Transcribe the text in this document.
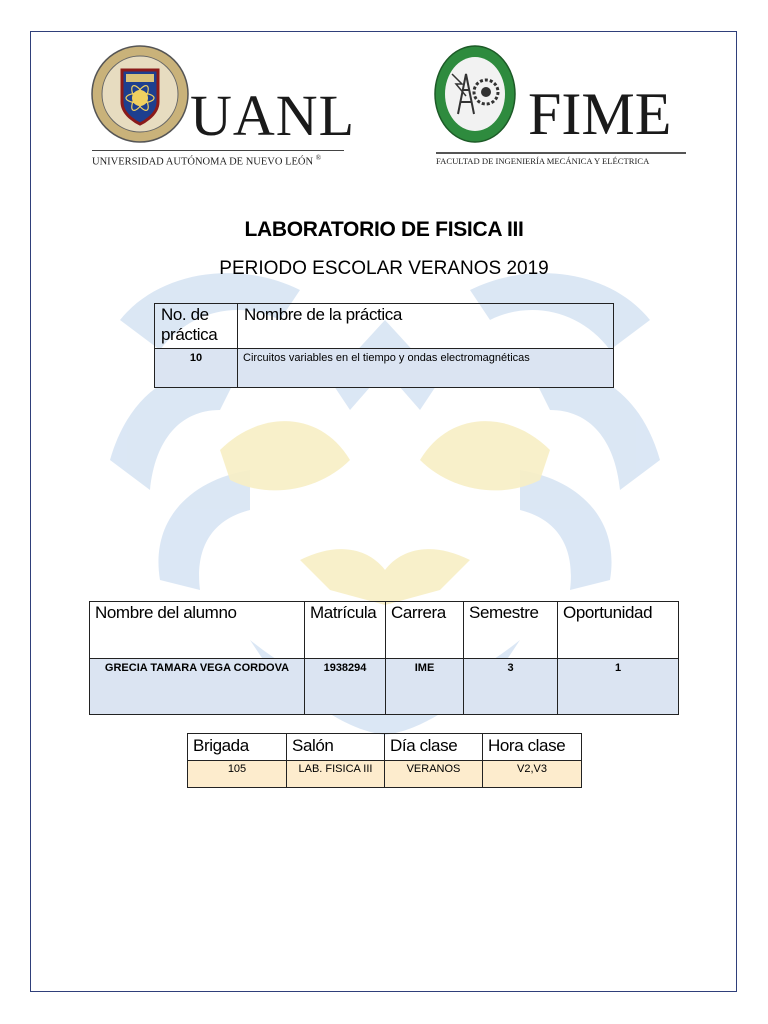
UANL
UNIVERSIDAD AUTÓNOMA DE NUEVO LEÓN ®
FIME
FACULTAD DE INGENIERÍA MECÁNICA Y ELÉCTRICA
LABORATORIO DE FISICA III
PERIODO ESCOLAR VERANOS 2019
No. de práctica	Nombre de la práctica
10	Circuitos variables en el tiempo y ondas electromagnéticas
Nombre del alumno	Matrícula	Carrera	Semestre	Oportunidad
GRECIA TAMARA VEGA CORDOVA	1938294	IME	3	1
Brigada	Salón	Día clase	Hora clase
105	LAB. FISICA III	VERANOS	V2,V3
